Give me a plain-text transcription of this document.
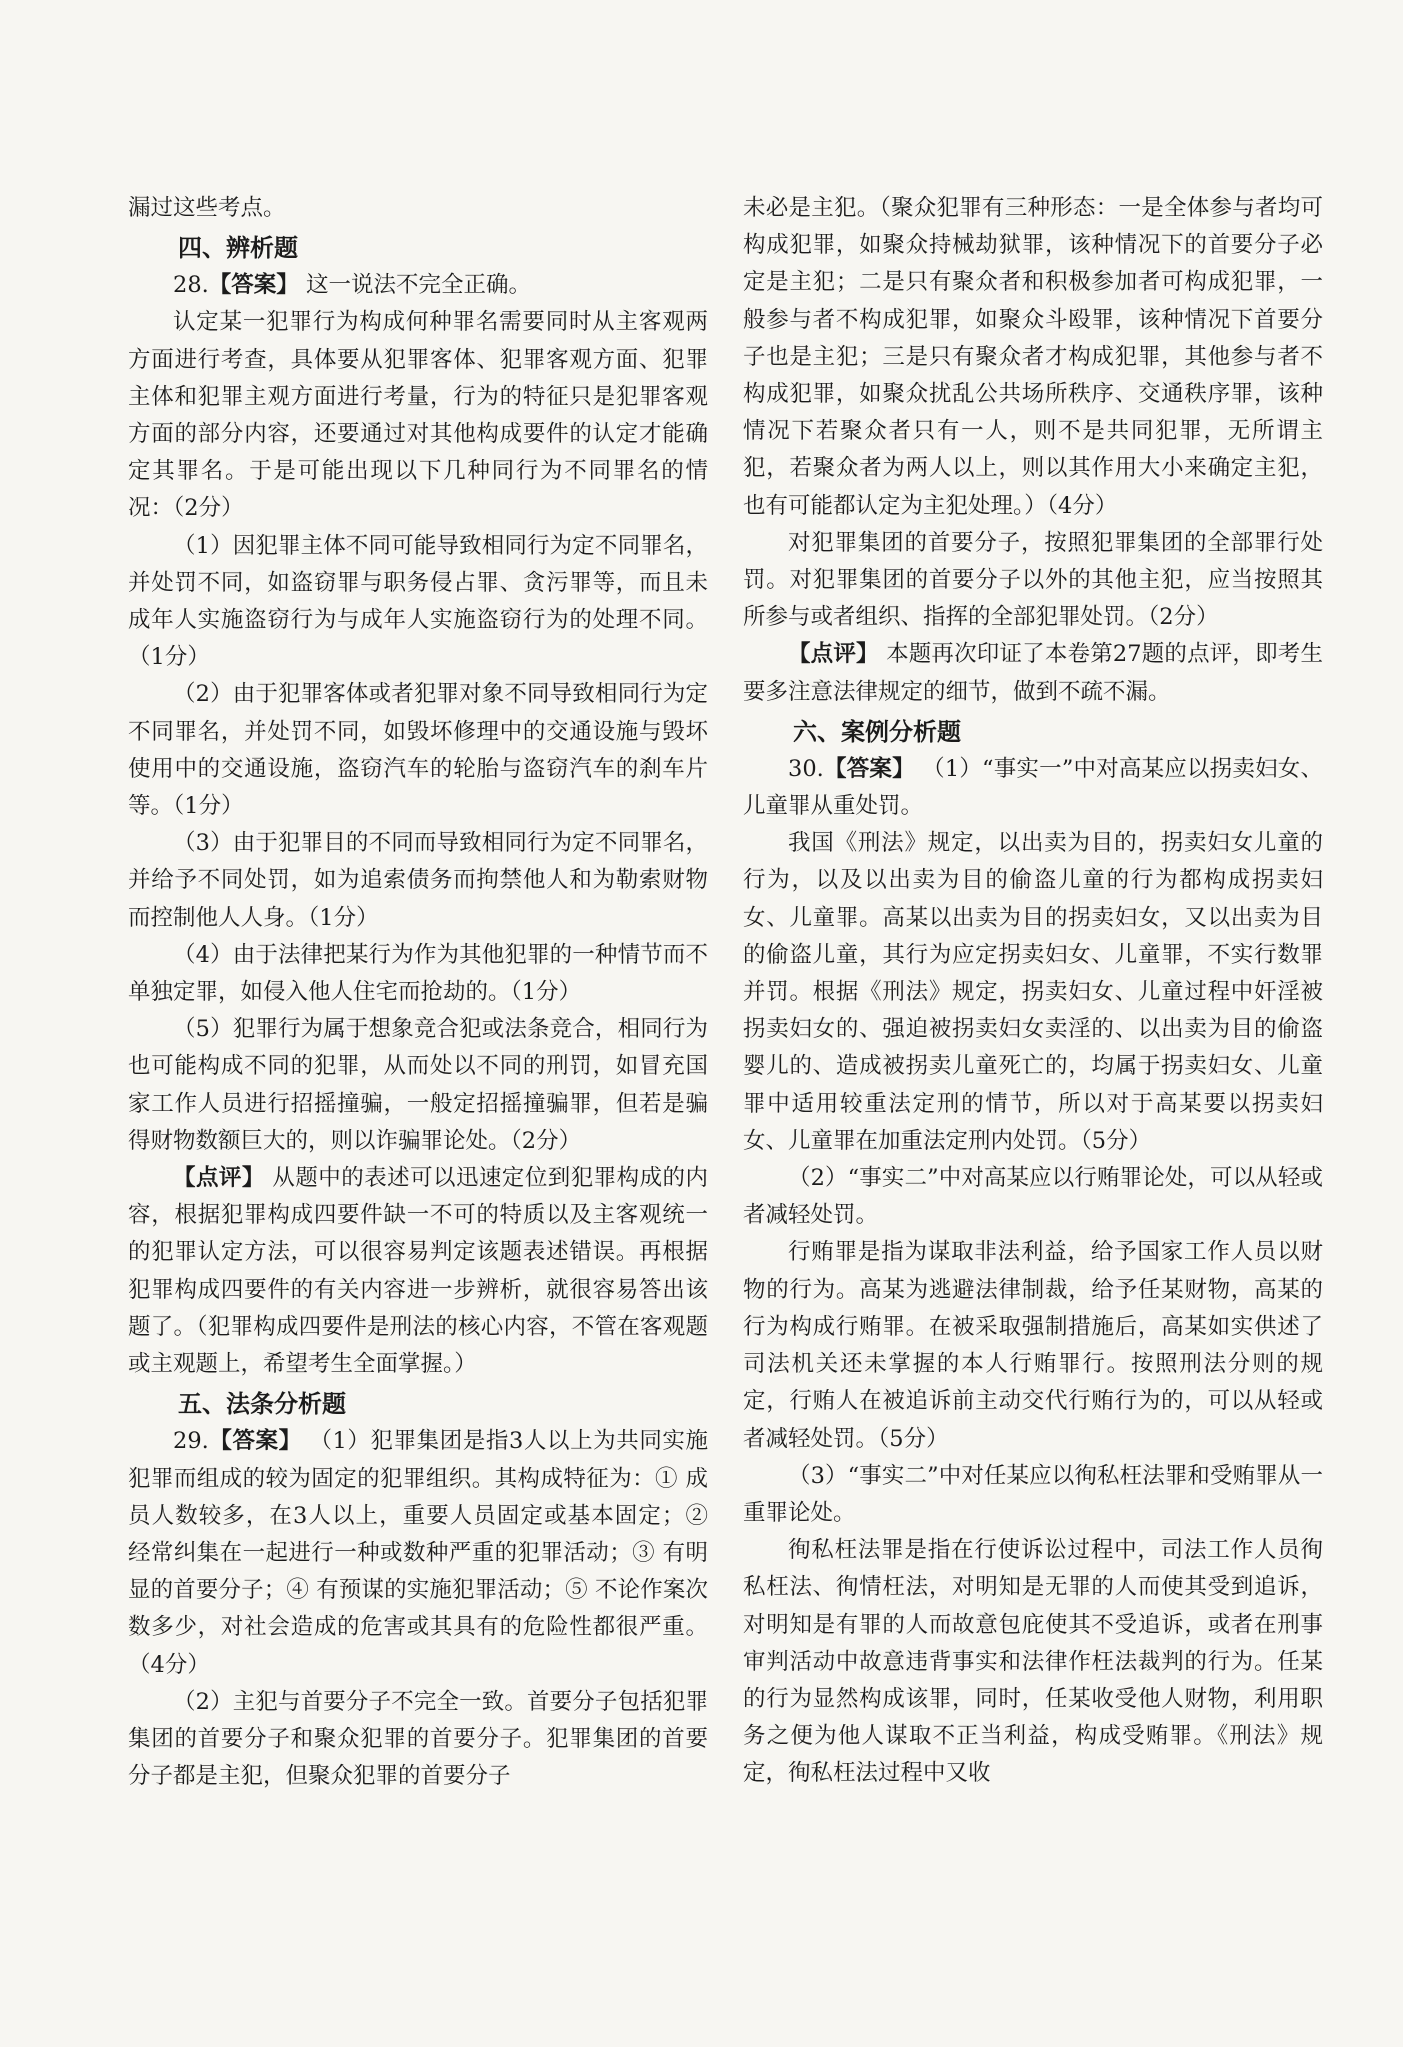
漏过这些考点。

四、辨析题

28.【答案】 这一说法不完全正确。

认定某一犯罪行为构成何种罪名需要同时从主客观两方面进行考查，具体要从犯罪客体、犯罪客观方面、犯罪主体和犯罪主观方面进行考量，行为的特征只是犯罪客观方面的部分内容，还要通过对其他构成要件的认定才能确定其罪名。于是可能出现以下几种同行为不同罪名的情况：（2分）

（1）因犯罪主体不同可能导致相同行为定不同罪名，并处罚不同，如盗窃罪与职务侵占罪、贪污罪等，而且未成年人实施盗窃行为与成年人实施盗窃行为的处理不同。（1分）

（2）由于犯罪客体或者犯罪对象不同导致相同行为定不同罪名，并处罚不同，如毁坏修理中的交通设施与毁坏使用中的交通设施，盗窃汽车的轮胎与盗窃汽车的刹车片等。（1分）

（3）由于犯罪目的不同而导致相同行为定不同罪名，并给予不同处罚，如为追索债务而拘禁他人和为勒索财物而控制他人人身。（1分）

（4）由于法律把某行为作为其他犯罪的一种情节而不单独定罪，如侵入他人住宅而抢劫的。（1分）

（5）犯罪行为属于想象竞合犯或法条竞合，相同行为也可能构成不同的犯罪，从而处以不同的刑罚，如冒充国家工作人员进行招摇撞骗，一般定招摇撞骗罪，但若是骗得财物数额巨大的，则以诈骗罪论处。（2分）

【点评】 从题中的表述可以迅速定位到犯罪构成的内容，根据犯罪构成四要件缺一不可的特质以及主客观统一的犯罪认定方法，可以很容易判定该题表述错误。再根据犯罪构成四要件的有关内容进一步辨析，就很容易答出该题了。（犯罪构成四要件是刑法的核心内容，不管在客观题或主观题上，希望考生全面掌握。）

五、法条分析题

29.【答案】 （1）犯罪集团是指3人以上为共同实施犯罪而组成的较为固定的犯罪组织。其构成特征为：① 成员人数较多，在3人以上，重要人员固定或基本固定；② 经常纠集在一起进行一种或数种严重的犯罪活动；③ 有明显的首要分子；④ 有预谋的实施犯罪活动；⑤ 不论作案次数多少，对社会造成的危害或其具有的危险性都很严重。（4分）

（2）主犯与首要分子不完全一致。首要分子包括犯罪集团的首要分子和聚众犯罪的首要分子。犯罪集团的首要分子都是主犯，但聚众犯罪的首要分子

未必是主犯。（聚众犯罪有三种形态：一是全体参与者均可构成犯罪，如聚众持械劫狱罪，该种情况下的首要分子必定是主犯；二是只有聚众者和积极参加者可构成犯罪，一般参与者不构成犯罪，如聚众斗殴罪，该种情况下首要分子也是主犯；三是只有聚众者才构成犯罪，其他参与者不构成犯罪，如聚众扰乱公共场所秩序、交通秩序罪，该种情况下若聚众者只有一人，则不是共同犯罪，无所谓主犯，若聚众者为两人以上，则以其作用大小来确定主犯，也有可能都认定为主犯处理。）（4分）

对犯罪集团的首要分子，按照犯罪集团的全部罪行处罚。对犯罪集团的首要分子以外的其他主犯，应当按照其所参与或者组织、指挥的全部犯罪处罚。（2分）

【点评】 本题再次印证了本卷第27题的点评，即考生要多注意法律规定的细节，做到不疏不漏。

六、案例分析题

30.【答案】 （1）“事实一”中对高某应以拐卖妇女、儿童罪从重处罚。

我国《刑法》规定，以出卖为目的，拐卖妇女儿童的行为，以及以出卖为目的偷盗儿童的行为都构成拐卖妇女、儿童罪。高某以出卖为目的拐卖妇女，又以出卖为目的偷盗儿童，其行为应定拐卖妇女、儿童罪，不实行数罪并罚。根据《刑法》规定，拐卖妇女、儿童过程中奸淫被拐卖妇女的、强迫被拐卖妇女卖淫的、以出卖为目的偷盗婴儿的、造成被拐卖儿童死亡的，均属于拐卖妇女、儿童罪中适用较重法定刑的情节，所以对于高某要以拐卖妇女、儿童罪在加重法定刑内处罚。（5分）

（2）“事实二”中对高某应以行贿罪论处，可以从轻或者减轻处罚。

行贿罪是指为谋取非法利益，给予国家工作人员以财物的行为。高某为逃避法律制裁，给予任某财物，高某的行为构成行贿罪。在被采取强制措施后，高某如实供述了司法机关还未掌握的本人行贿罪行。按照刑法分则的规定，行贿人在被追诉前主动交代行贿行为的，可以从轻或者减轻处罚。（5分）

（3）“事实二”中对任某应以徇私枉法罪和受贿罪从一重罪论处。

徇私枉法罪是指在行使诉讼过程中，司法工作人员徇私枉法、徇情枉法，对明知是无罪的人而使其受到追诉，对明知是有罪的人而故意包庇使其不受追诉，或者在刑事审判活动中故意违背事实和法律作枉法裁判的行为。任某的行为显然构成该罪，同时，任某收受他人财物，利用职务之便为他人谋取不正当利益，构成受贿罪。《刑法》规定，徇私枉法过程中又收
